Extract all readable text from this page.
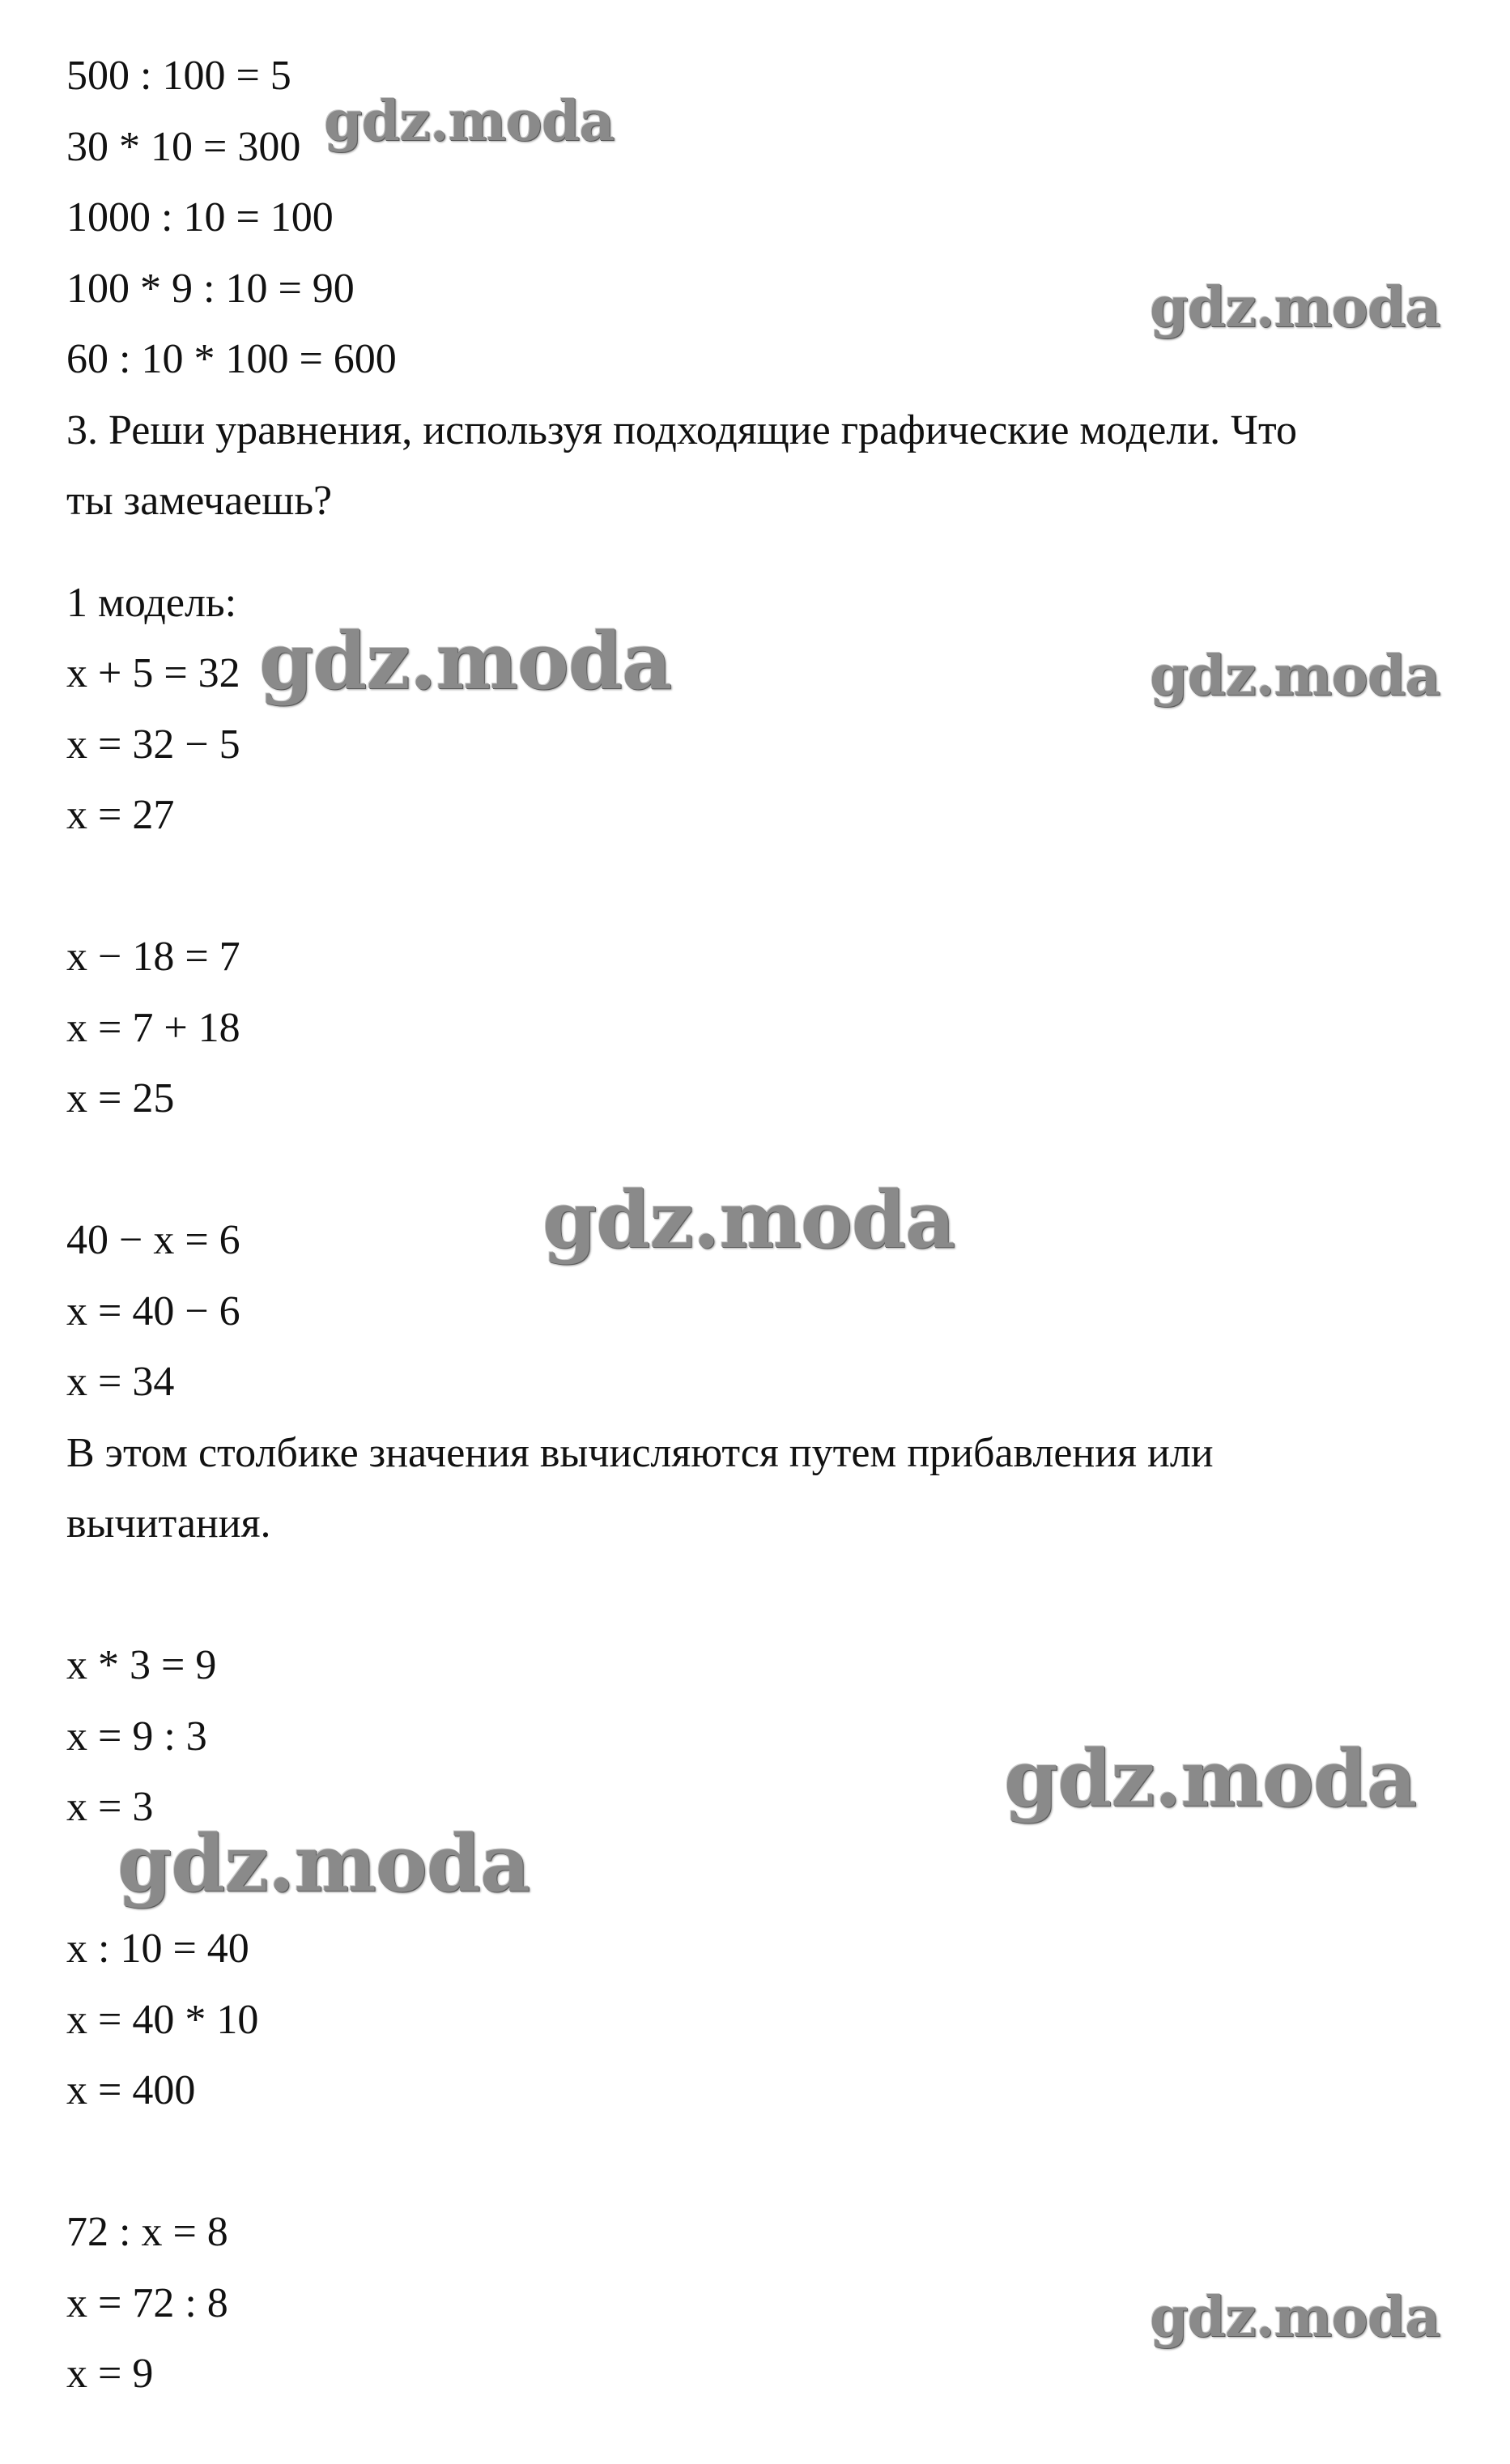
500 : 100 = 5
30 * 10 = 300
1000 : 10 = 100
100 * 9 : 10 = 90
60 : 10 * 100 = 600
3. Реши уравнения, используя подходящие графические модели. Что
ты замечаешь?
1 модель:
x + 5 = 32
x = 32 − 5
x = 27
x − 18 = 7
x = 7 + 18
x = 25
40 − x = 6
x = 40 − 6
x = 34
В этом столбике значения вычисляются путем прибавления или
вычитания.
x * 3 = 9
x = 9 : 3
x = 3
x : 10 = 40
x = 40 * 10
x = 400
72 : x = 8
x = 72 : 8
x = 9
gdz.moda
gdz.moda
gdz.moda	gdz.moda
gdz.moda
gdz.moda
gdz.moda
gdz.moda
